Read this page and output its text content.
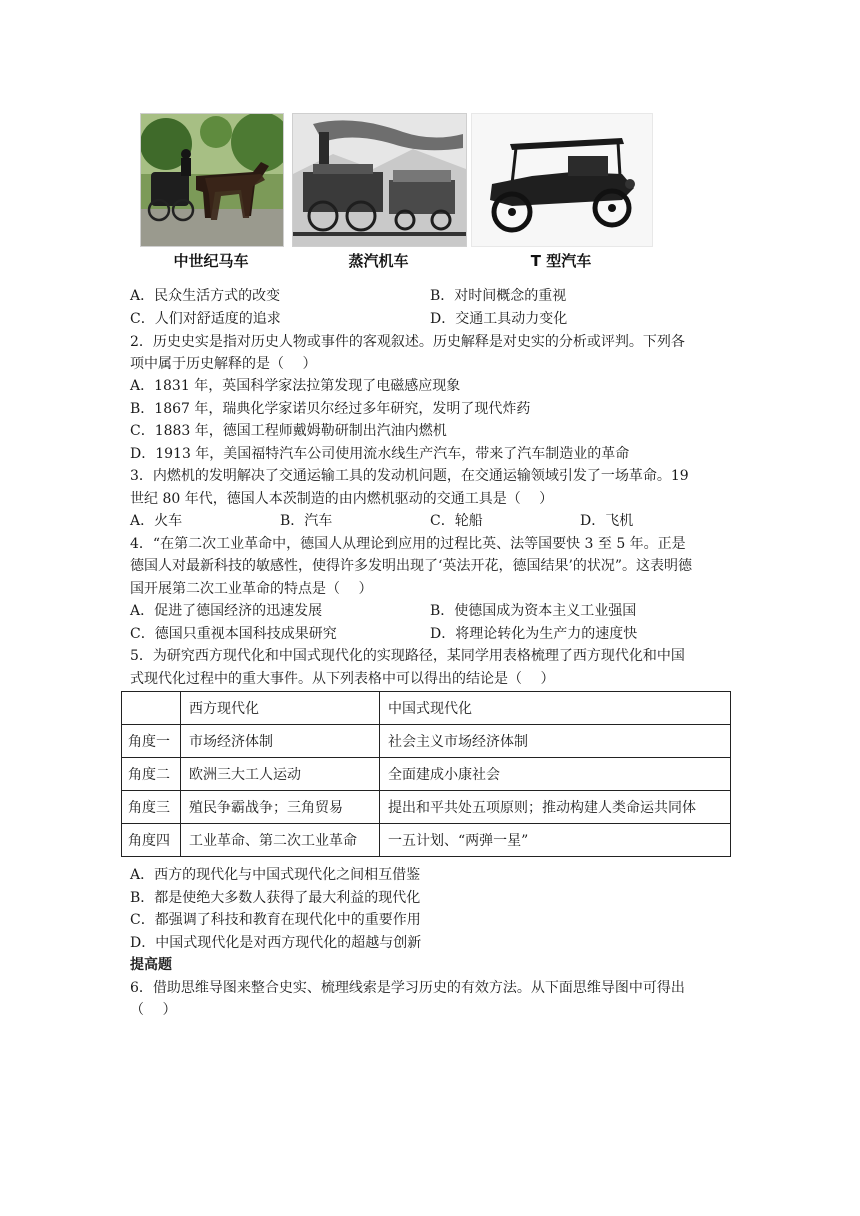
中世纪马车	蒸汽机车	T 型汽车
A．民众生活方式的改变	B．对时间概念的重视
C．人们对舒适度的追求	D．交通工具动力变化
2．历史史实是指对历史人物或事件的客观叙述。历史解释是对史实的分析或评判。下列各
项中属于历史解释的是（　 ）
A．1831 年，英国科学家法拉第发现了电磁感应现象
B．1867 年，瑞典化学家诺贝尔经过多年研究，发明了现代炸药
C．1883 年，德国工程师戴姆勒研制出汽油内燃机
D．1913 年，美国福特汽车公司使用流水线生产汽车，带来了汽车制造业的革命
3．内燃机的发明解决了交通运输工具的发动机问题，在交通运输领域引发了一场革命。19
世纪 80 年代，德国人本茨制造的由内燃机驱动的交通工具是（　 ）
A．火车	B．汽车	C．轮船	D．飞机
4．“在第二次工业革命中，德国人从理论到应用的过程比英、法等国要快 3 至 5 年。正是
德国人对最新科技的敏感性，使得许多发明出现了‘英法开花，德国结果’的状况”。这表明德
国开展第二次工业革命的特点是（　 ）
A．促进了德国经济的迅速发展	B．使德国成为资本主义工业强国
C．德国只重视本国科技成果研究	D．将理论转化为生产力的速度快
5．为研究西方现代化和中国式现代化的实现路径，某同学用表格梳理了西方现代化和中国
式现代化过程中的重大事件。从下列表格中可以得出的结论是（　 ）
	西方现代化	中国式现代化
角度一	市场经济体制	社会主义市场经济体制
角度二	欧洲三大工人运动	全面建成小康社会
角度三	殖民争霸战争；三角贸易	提出和平共处五项原则；推动构建人类命运共同体
角度四	工业革命、第二次工业革命	一五计划、“两弹一星”
A．西方的现代化与中国式现代化之间相互借鉴
B．都是使绝大多数人获得了最大利益的现代化
C．都强调了科技和教育在现代化中的重要作用
D．中国式现代化是对西方现代化的超越与创新
提高题
6．借助思维导图来整合史实、梳理线索是学习历史的有效方法。从下面思维导图中可得出
（　 ）
